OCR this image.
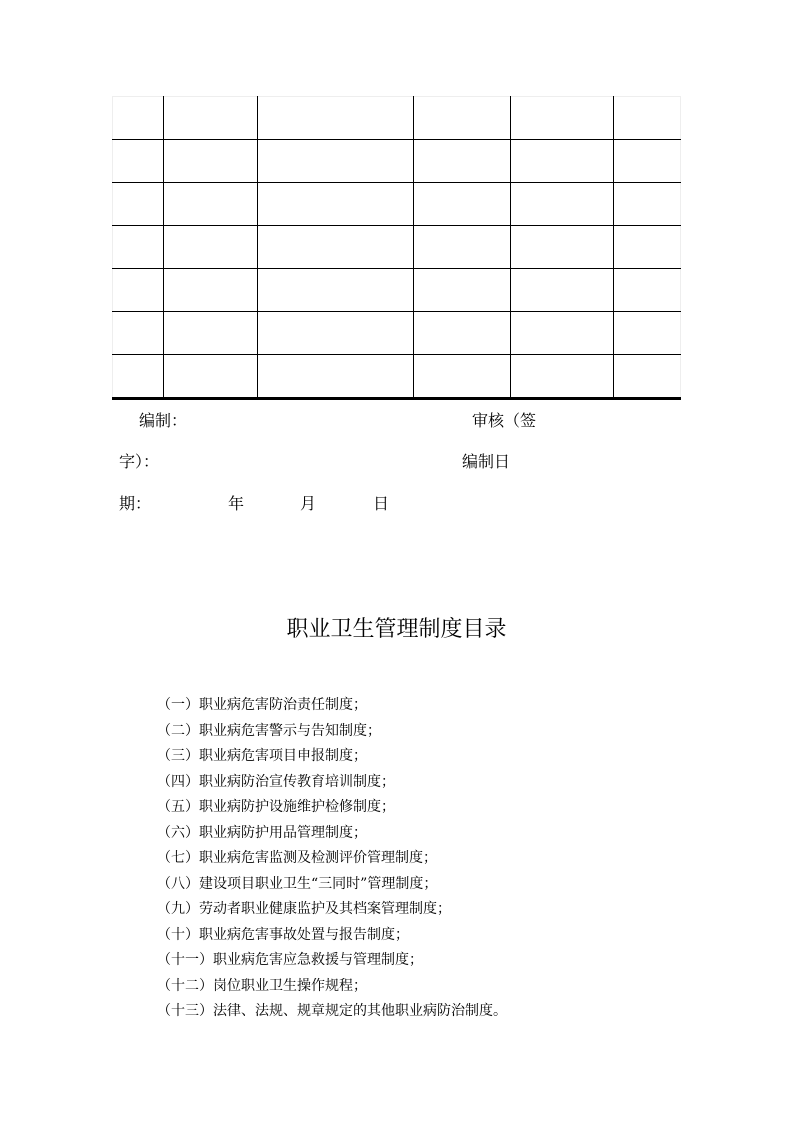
编制：	审核（签
字）：	编制日
期：	年	月	日
职业卫生管理制度目录
（一）职业病危害防治责任制度；
（二）职业病危害警示与告知制度；
（三）职业病危害项目申报制度；
（四）职业病防治宣传教育培训制度；
（五）职业病防护设施维护检修制度；
（六）职业病防护用品管理制度；
（七）职业病危害监测及检测评价管理制度；
（八）建设项目职业卫生“三同时”管理制度；
（九）劳动者职业健康监护及其档案管理制度；
（十）职业病危害事故处置与报告制度；
（十一）职业病危害应急救援与管理制度；
（十二）岗位职业卫生操作规程；
（十三）法律、法规、规章规定的其他职业病防治制度。
